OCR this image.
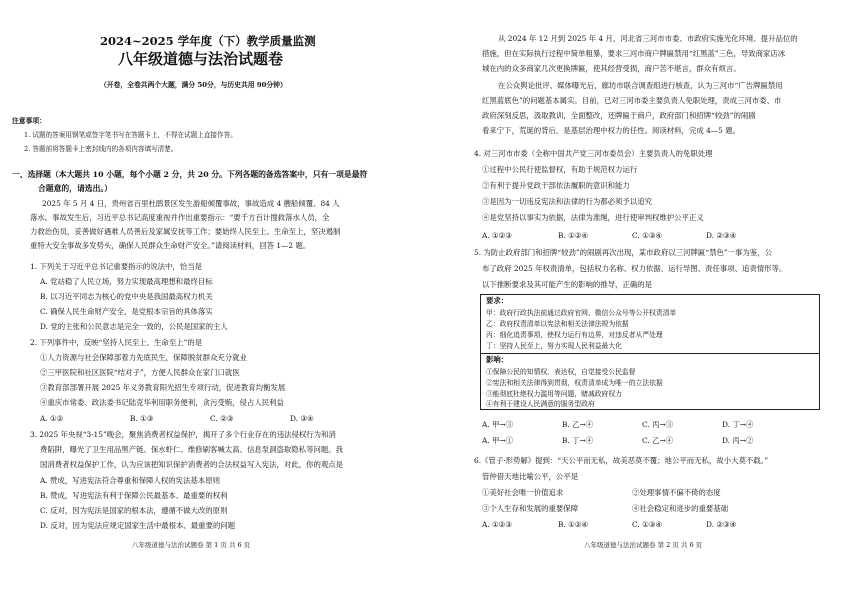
2024~2025 学年度（下）教学质量监测
八年级道德与法治试题卷
（开卷，全卷共两个大题，满分 50分，与历史共用 90分钟）
注意事项：
1. 试题的答案用钢笔或签字笔书写在答题卡上，不得在试题上直接作答。
2. 答题前将答题卡上密封线内的各项内容填写清楚。
一、选择题（本大题共 10 小题，每个小题 2 分，共 20 分。下列各题的备选答案中，只有一项是最符
合题意的，请选出。）
2025 年 5 月 4 日，贵州省百里杜鹃景区发生游船倾覆事故，事故造成 4 艘船倾覆、84 人
落水。事故发生后，习近平总书记高度重视并作出重要指示：“要千方百计搜救落水人员，全
力救治伤员，妥善做好遇难人员善后及家属安抚等工作；要始终人民至上、生命至上，坚决遏制
重特大安全事故多发势头，确保人民群众生命财产安全。”请阅读材料，回答 1—2 题。
1. 下列关于习近平总书记重要指示的说法中，恰当是
A. 党站稳了人民立场，努力实现最高理想和最终目标
B. 以习近平同志为核心的党中央是我国最高权力机关
C. 确保人民生命财产安全，是党根本宗旨的具体落实
D. 党的主张和公民意志是完全一致的，公民是国家的主人
2. 下列事件中，反映“坚持人民至上、生命至上”的是
①人力资源与社会保障部着力先底民生，保障脱贫群众充分就业
②三甲医院和社区医院“结对子”，方便人民群众在家门口就医
③教育部部署开展 2025 年义务教育阳光招生专项行动，促进教育均衡发展
④重庆市常委、政法委书记陆克华利用职务便利，贪污受贿，侵占人民利益
A. ①②	B. ①③	C. ②③	D. ③④
3. 2025 年央视“3·15”晚会，聚焦消费者权益保护，揭开了多个行业存在的违法侵权行为和消
费陷阱，曝光了卫生用品黑产链、保水虾仁、维修刷客喊太高、信息泵洞盗取隐私等问题。我
国消费者权益保护工作，认为应该把知识保护消费者的合法权益写入宪法，对此，你的观点是
A. 赞成，写进宪法符合尊重和保障人权的宪法基本原则
B. 赞成，写进宪法有利于保障公民最基本、最重要的权利
C. 反对，因为宪法是国家的根本法，遵循不做大改的原则
D. 反对，因为宪法应规定国家生活中最根本、最重要的问题
八年级道德与法治试题卷 第 1 页 共 6 页
从 2024 年 12 月到 2025 年 4 月，河北省三河市市委、市政府实施光化环境、提升品位的
措施，但在实际执行过程中简单粗暴，要求三河市商户牌匾禁用“红黑蓝”三色，导致商家店冰
城在内的众多商家几次更换牌匾，使其经营受损，商户苦不堪言，群众有烦言。
在公众舆论批评、媒体曝光后，廊坊市联合调查组进行核查，认为三河市“广告牌匾禁用
红黑蓝底色”的问题基本属实。目前，已对三河市委主要负责人免职处理，责成三河市委、市
政府深刻反思，汲取教训，全面整改，还牌匾于商户，政府部门和招牌“较劲”的闹剧
看来宁下，荒诞的背后，是基层治理中权力的任性。阅读材料，完成 4—5 题。
4. 对三河市市委（全称中国共产党三河市委员会）主要负责人的免职处理
①过程中公民行使监督权，有助于规范权力运行
②有利于提升党政干部依法履职的意识和能力
③是因为一切违反宪法和法律的行为都必须予以追究
④是党坚持以事实为依据，法律为准绳，进行使审判权维护公平正义
A. ①②③	B. ①②④	C. ①③④	D. ②③④
5. 为防止政府部门和招牌“较劲”的闹剧再次出现，某市政府以三河牌匾“禁色”一事为鉴，公
布了政府 2025 年权责清单，包括权力名称、权力依据、运行导图、责任事项、追责情形等。
以下推断要求及其可能产生的影响的推导，正确的是
要求：
甲：政府行政执法前通过政府官网、微信公众号等公开权责清单
乙：政府权责清单以宪法和相关法律法规为依据
丙：细化追责事项，使权力运行有边界，对违反者从严处理
丁：坚持人民至上，努力实现人民利益最大化
影响：
①保障公民的知情权、表达权，自觉接受公民监督
②宪法和相关法律得到贯彻，权责清单成为唯一的立法依据
③能彻底杜绝权力滥用等问题，赌减政府权力
④有利于建设人民满意的服务型政府
A. 甲→③	B. 乙→④	C. 丙→③	D. 丁→④
A. 甲→①	B. 丁→④	C. 乙→④	D. 丙→②
6.《管子·形势解》提到：“天公平而无私，故美恶莫不覆；地公平而无私，故小大莫不载。”
管仲借天地比喻公平，公平是
①美好社会唯一价值追求	②处理事情不偏不倚的态度
③个人生存和发展的重要保障	④社会稳定和进步的重要基础
A. ①②③	B. ①②④	C. ①③④	D. ②③④
八年级道德与法治试题卷 第 2 页 共 6 页
